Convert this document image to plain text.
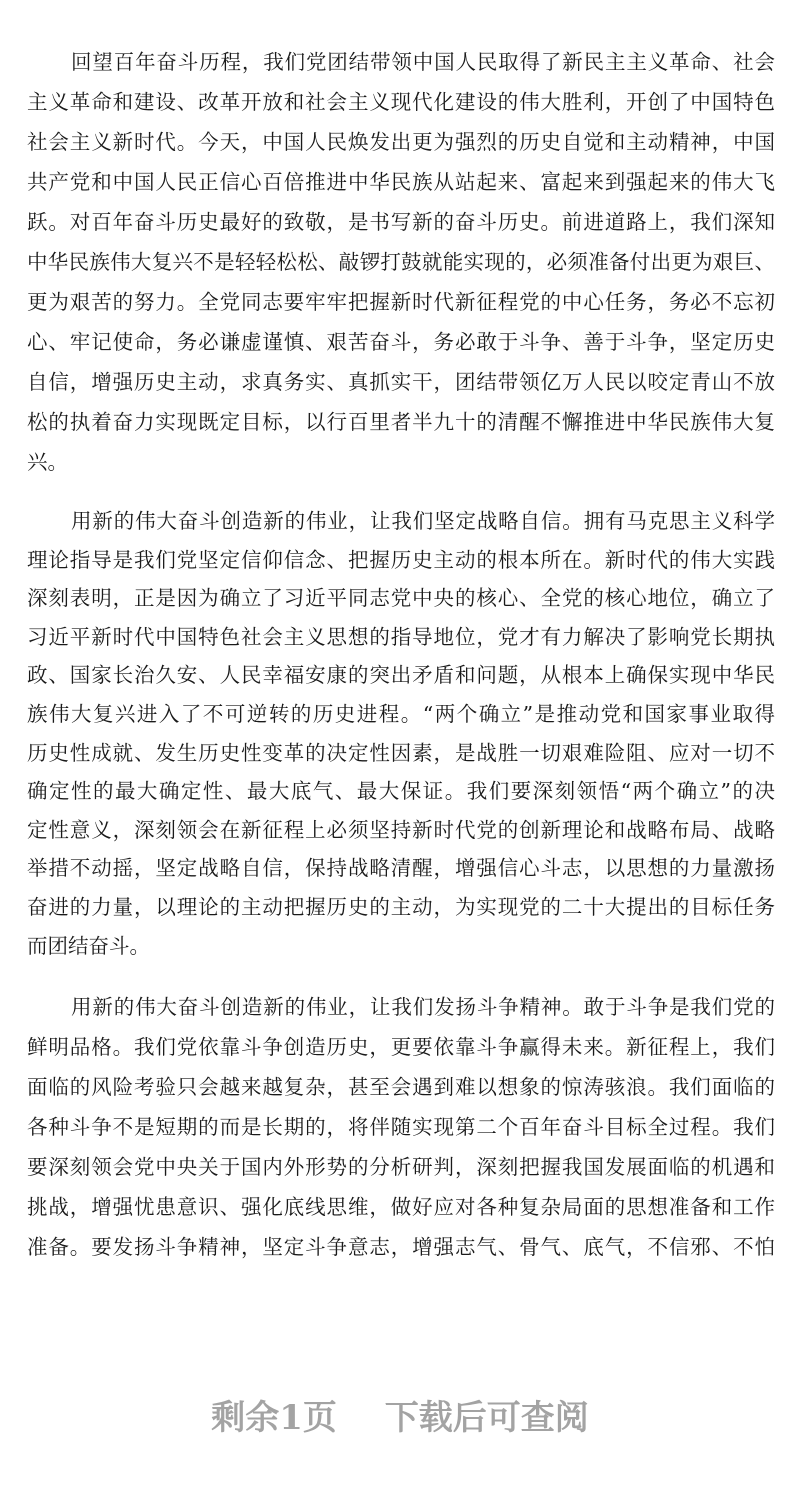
回望百年奋斗历程，我们党团结带领中国人民取得了新民主主义革命、社会
主义革命和建设、改革开放和社会主义现代化建设的伟大胜利，开创了中国特色
社会主义新时代。今天，中国人民焕发出更为强烈的历史自觉和主动精神，中国
共产党和中国人民正信心百倍推进中华民族从站起来、富起来到强起来的伟大飞
跃。对百年奋斗历史最好的致敬，是书写新的奋斗历史。前进道路上，我们深知
中华民族伟大复兴不是轻轻松松、敲锣打鼓就能实现的，必须准备付出更为艰巨、
更为艰苦的努力。全党同志要牢牢把握新时代新征程党的中心任务，务必不忘初
心、牢记使命，务必谦虚谨慎、艰苦奋斗，务必敢于斗争、善于斗争，坚定历史
自信，增强历史主动，求真务实、真抓实干，团结带领亿万人民以咬定青山不放
松的执着奋力实现既定目标，以行百里者半九十的清醒不懈推进中华民族伟大复
兴。
用新的伟大奋斗创造新的伟业，让我们坚定战略自信。拥有马克思主义科学
理论指导是我们党坚定信仰信念、把握历史主动的根本所在。新时代的伟大实践
深刻表明，正是因为确立了习近平同志党中央的核心、全党的核心地位，确立了
习近平新时代中国特色社会主义思想的指导地位，党才有力解决了影响党长期执
政、国家长治久安、人民幸福安康的突出矛盾和问题，从根本上确保实现中华民
族伟大复兴进入了不可逆转的历史进程。“两个确立”是推动党和国家事业取得
历史性成就、发生历史性变革的决定性因素，是战胜一切艰难险阻、应对一切不
确定性的最大确定性、最大底气、最大保证。我们要深刻领悟“两个确立”的决
定性意义，深刻领会在新征程上必须坚持新时代党的创新理论和战略布局、战略
举措不动摇，坚定战略自信，保持战略清醒，增强信心斗志，以思想的力量激扬
奋进的力量，以理论的主动把握历史的主动，为实现党的二十大提出的目标任务
而团结奋斗。
用新的伟大奋斗创造新的伟业，让我们发扬斗争精神。敢于斗争是我们党的
鲜明品格。我们党依靠斗争创造历史，更要依靠斗争赢得未来。新征程上，我们
面临的风险考验只会越来越复杂，甚至会遇到难以想象的惊涛骇浪。我们面临的
各种斗争不是短期的而是长期的，将伴随实现第二个百年奋斗目标全过程。我们
要深刻领会党中央关于国内外形势的分析研判，深刻把握我国发展面临的机遇和
挑战，增强忧患意识、强化底线思维，做好应对各种复杂局面的思想准备和工作
准备。要发扬斗争精神，坚定斗争意志，增强志气、骨气、底气，不信邪、不怕
剩余1页 下载后可查阅
